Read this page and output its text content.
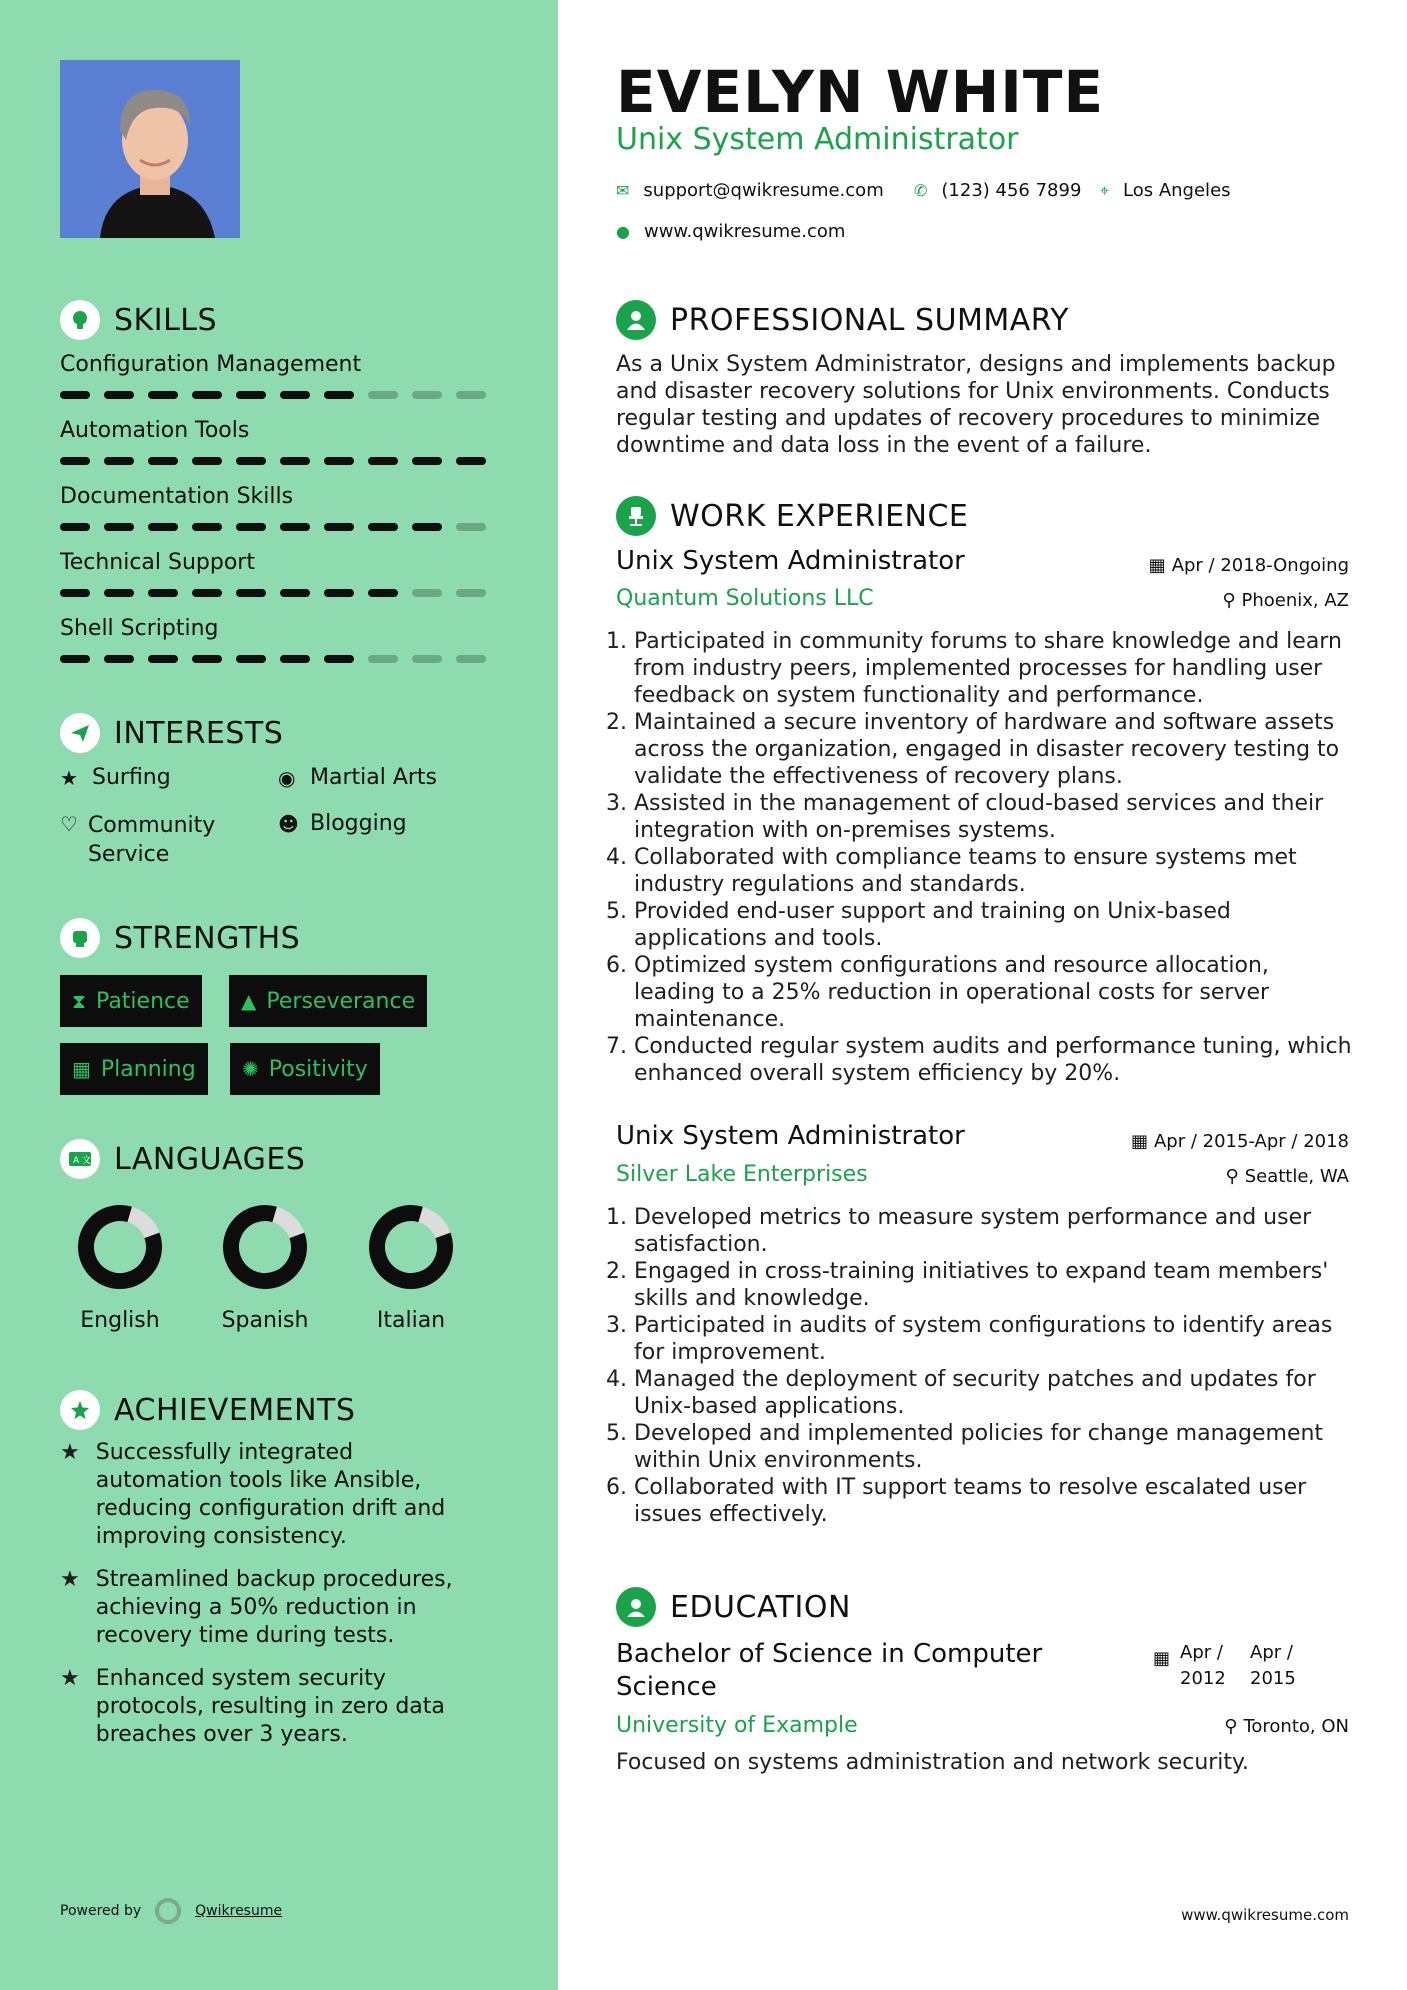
SKILLS
Configuration Management
Automation Tools
Documentation Skills
Technical Support
Shell Scripting
INTERESTS
★ Surfing	◉ Martial Arts
♡ Community Service
☻ Blogging
STRENGTHS
⧗ Patience	▲ Perseverance
▦ Planning ✺ Positivity
A 文 LANGUAGES
English	Spanish	Italian
ACHIEVEMENTS
★ Successfully integrated automation tools like Ansible, reducing configuration drift and improving consistency.
★ Streamlined backup procedures, achieving a 50% reduction in recovery time during tests.
★ Enhanced system security protocols, resulting in zero data breaches over 3 years.
Powered by	Qwikresume
EVELYN WHITE
Unix System Administrator
✉ support@qwikresume.com ✆ (123) 456 7899 ⌖ Los Angeles
● www.qwikresume.com
PROFESSIONAL SUMMARY
As a Unix System Administrator, designs and implements backup and disaster recovery solutions for Unix environments. Conducts regular testing and updates of recovery procedures to minimize downtime and data loss in the event of a failure.
WORK EXPERIENCE
Unix System Administrator	▦ Apr / 2018-Ongoing
Quantum Solutions LLC	⚲ Phoenix, AZ
1. Participated in community forums to share knowledge and learn from industry peers, implemented processes for handling user feedback on system functionality and performance.
2. Maintained a secure inventory of hardware and software assets across the organization, engaged in disaster recovery testing to validate the effectiveness of recovery plans.
3. Assisted in the management of cloud-based services and their integration with on-premises systems.
4. Collaborated with compliance teams to ensure systems met industry regulations and standards.
5. Provided end-user support and training on Unix-based applications and tools.
6. Optimized system configurations and resource allocation, leading to a 25% reduction in operational costs for server maintenance.
7. Conducted regular system audits and performance tuning, which enhanced overall system efficiency by 20%.
Unix System Administrator	▦ Apr / 2015-Apr / 2018
Silver Lake Enterprises	⚲ Seattle, WA
1. Developed metrics to measure system performance and user satisfaction.
2. Engaged in cross-training initiatives to expand team members' skills and knowledge.
3. Participated in audits of system configurations to identify areas for improvement.
4. Managed the deployment of security patches and updates for Unix-based applications.
5. Developed and implemented policies for change management within Unix environments.
6. Collaborated with IT support teams to resolve escalated user issues effectively.
EDUCATION
Bachelor of Science in Computer Science
▦ Apr / 2012
Apr / 2015
University of Example	⚲ Toronto, ON
Focused on systems administration and network security.
www.qwikresume.com
